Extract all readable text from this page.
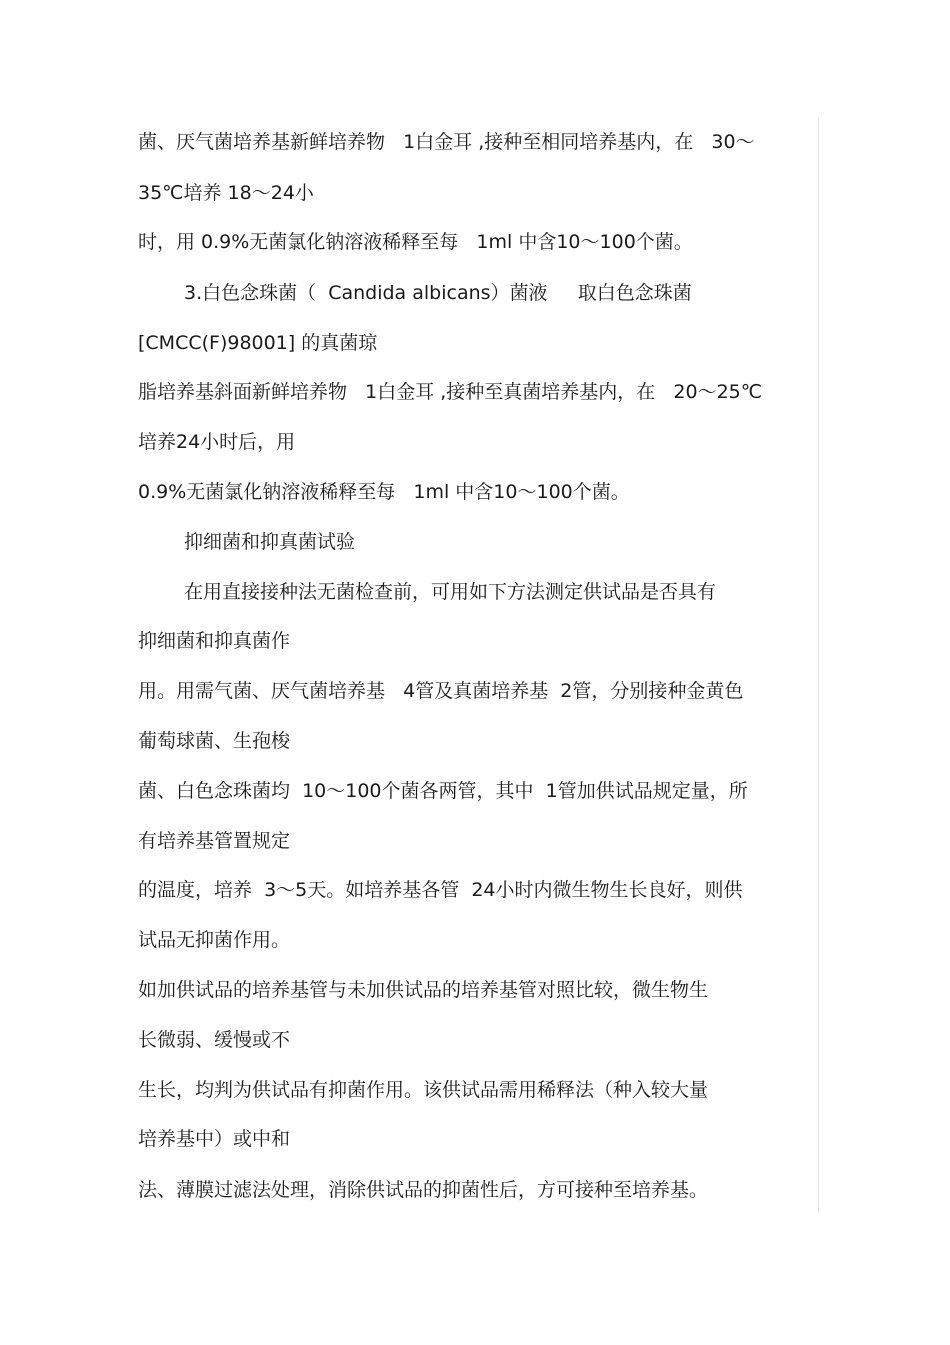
菌、厌气菌培养基新鲜培养物   1白金耳 ,接种至相同培养基内，在   30～
35℃培养 18～24小
时，用 0.9%无菌氯化钠溶液稀释至每   1ml 中含10～100个菌。
3.白色念珠菌（  Candida albicans）菌液     取白色念珠菌
[CMCC(F)98001] 的真菌琼
脂培养基斜面新鲜培养物   1白金耳 ,接种至真菌培养基内，在   20～25℃
培养24小时后，用
0.9%无菌氯化钠溶液稀释至每   1ml 中含10～100个菌。
抑细菌和抑真菌试验
在用直接接种法无菌检查前，可用如下方法测定供试品是否具有
抑细菌和抑真菌作
用。用需气菌、厌气菌培养基   4管及真菌培养基  2管，分别接种金黄色
葡萄球菌、生孢梭
菌、白色念珠菌均  10～100个菌各两管，其中  1管加供试品规定量，所
有培养基管置规定
的温度，培养  3～5天。如培养基各管  24小时内微生物生长良好，则供
试品无抑菌作用。
如加供试品的培养基管与未加供试品的培养基管对照比较，微生物生
长微弱、缓慢或不
生长，均判为供试品有抑菌作用。该供试品需用稀释法（种入较大量
培养基中）或中和
法、薄膜过滤法处理，消除供试品的抑菌性后，方可接种至培养基。
